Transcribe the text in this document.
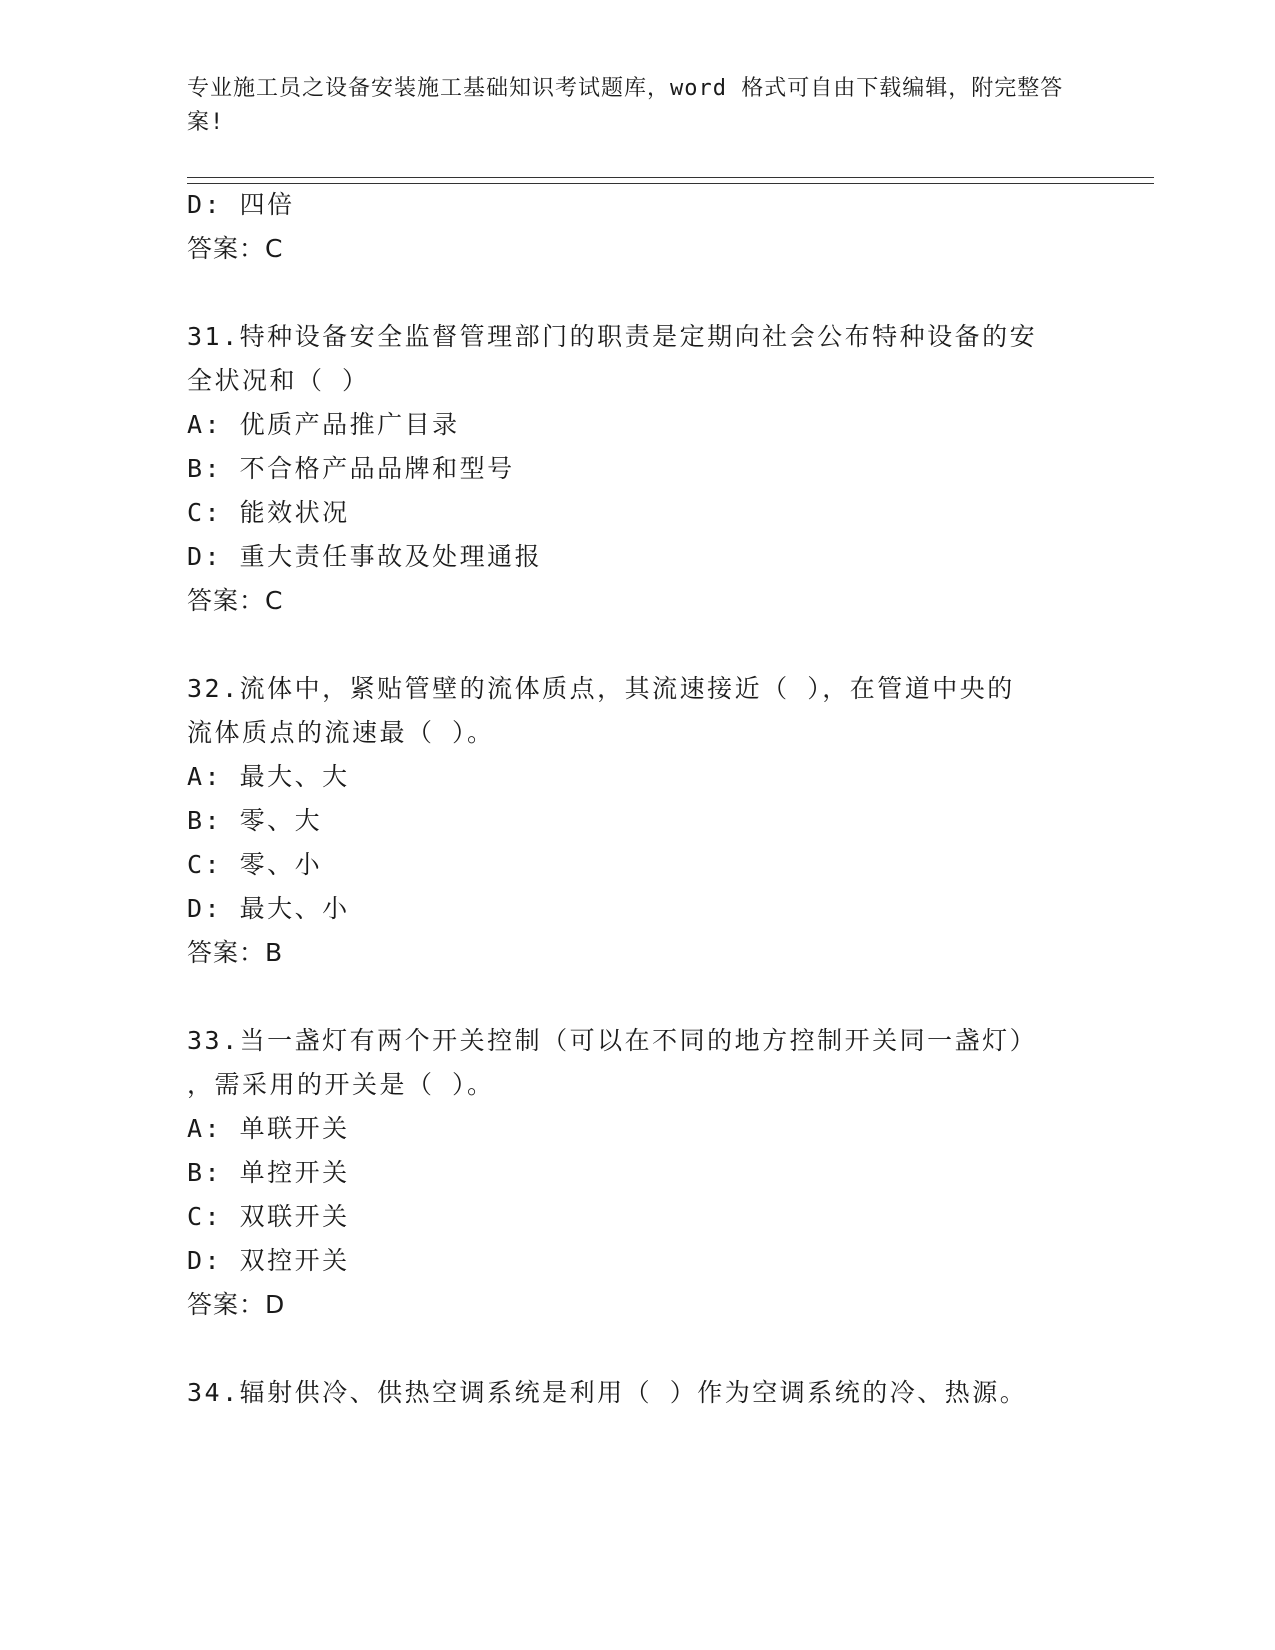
专业施工员之设备安装施工基础知识考试题库，word 格式可自由下载编辑，附完整答案!
D: 四倍
答案：C
31.特种设备安全监督管理部门的职责是定期向社会公布特种设备的安
全状况和（ ）
A: 优质产品推广目录
B: 不合格产品品牌和型号
C: 能效状况
D: 重大责任事故及处理通报
答案：C
32.流体中，紧贴管壁的流体质点，其流速接近（ ），在管道中央的
流体质点的流速最（ ）。
A: 最大、大
B: 零、大
C: 零、小
D: 最大、小
答案：B
33.当一盏灯有两个开关控制（可以在不同的地方控制开关同一盏灯）
，需采用的开关是（ ）。
A: 单联开关
B: 单控开关
C: 双联开关
D: 双控开关
答案：D
34.辐射供冷、供热空调系统是利用（ ）作为空调系统的冷、热源。
